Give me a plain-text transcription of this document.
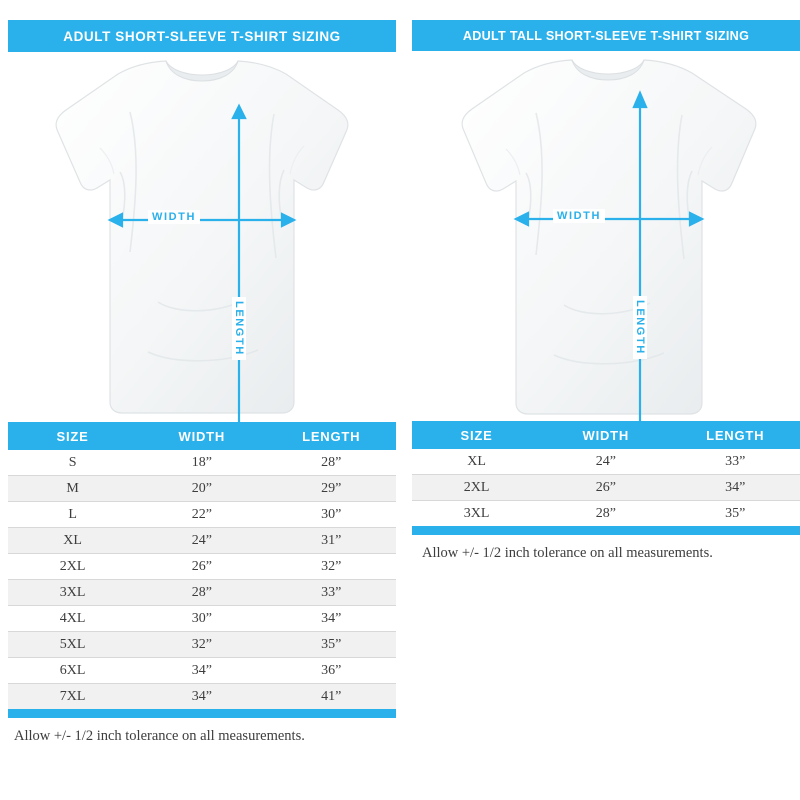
ADULT SHORT-SLEEVE T-SHIRT SIZING
WIDTH
LENGTH
SIZE	WIDTH	LENGTH
S	18”	28”
M	20”	29”
L	22”	30”
XL	24”	31”
2XL	26”	32”
3XL	28”	33”
4XL	30”	34”
5XL	32”	35”
6XL	34”	36”
7XL	34”	41”
Allow +/- 1/2 inch tolerance on all measurements.
ADULT TALL SHORT-SLEEVE T-SHIRT SIZING
WIDTH
LENGTH
SIZE	WIDTH	LENGTH
XL	24”	33”
2XL	26”	34”
3XL	28”	35”
Allow +/- 1/2 inch tolerance on all measurements.
